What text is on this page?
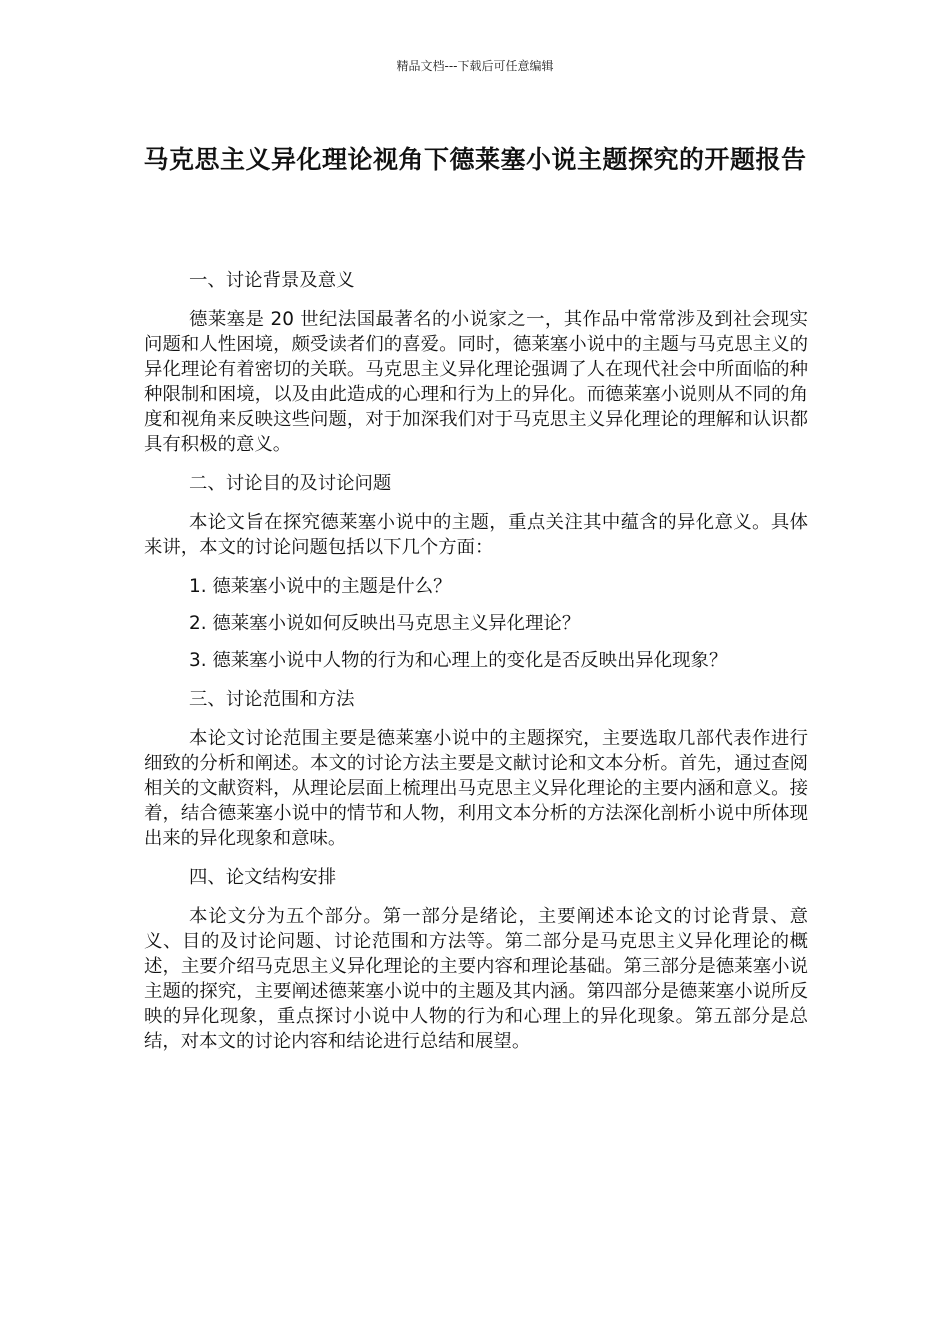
精品文档---下载后可任意编辑
马克思主义异化理论视角下德莱塞小说主题探究的开题报告

一、讨论背景及意义

德莱塞是 20 世纪法国最著名的小说家之一，其作品中常常涉及到社会现实问题和人性困境，颇受读者们的喜爱。同时，德莱塞小说中的主题与马克思主义的异化理论有着密切的关联。马克思主义异化理论强调了人在现代社会中所面临的种种限制和困境，以及由此造成的心理和行为上的异化。而德莱塞小说则从不同的角度和视角来反映这些问题，对于加深我们对于马克思主义异化理论的理解和认识都具有积极的意义。

二、讨论目的及讨论问题

本论文旨在探究德莱塞小说中的主题，重点关注其中蕴含的异化意义。具体来讲，本文的讨论问题包括以下几个方面：

1. 德莱塞小说中的主题是什么？
2. 德莱塞小说如何反映出马克思主义异化理论？
3. 德莱塞小说中人物的行为和心理上的变化是否反映出异化现象？

三、讨论范围和方法

本论文讨论范围主要是德莱塞小说中的主题探究，主要选取几部代表作进行细致的分析和阐述。本文的讨论方法主要是文献讨论和文本分析。首先，通过查阅相关的文献资料，从理论层面上梳理出马克思主义异化理论的主要内涵和意义。接着，结合德莱塞小说中的情节和人物，利用文本分析的方法深化剖析小说中所体现出来的异化现象和意味。

四、论文结构安排

本论文分为五个部分。第一部分是绪论，主要阐述本论文的讨论背景、意义、目的及讨论问题、讨论范围和方法等。第二部分是马克思主义异化理论的概述，主要介绍马克思主义异化理论的主要内容和理论基础。第三部分是德莱塞小说主题的探究，主要阐述德莱塞小说中的主题及其内涵。第四部分是德莱塞小说所反映的异化现象，重点探讨小说中人物的行为和心理上的异化现象。第五部分是总结，对本文的讨论内容和结论进行总结和展望。
